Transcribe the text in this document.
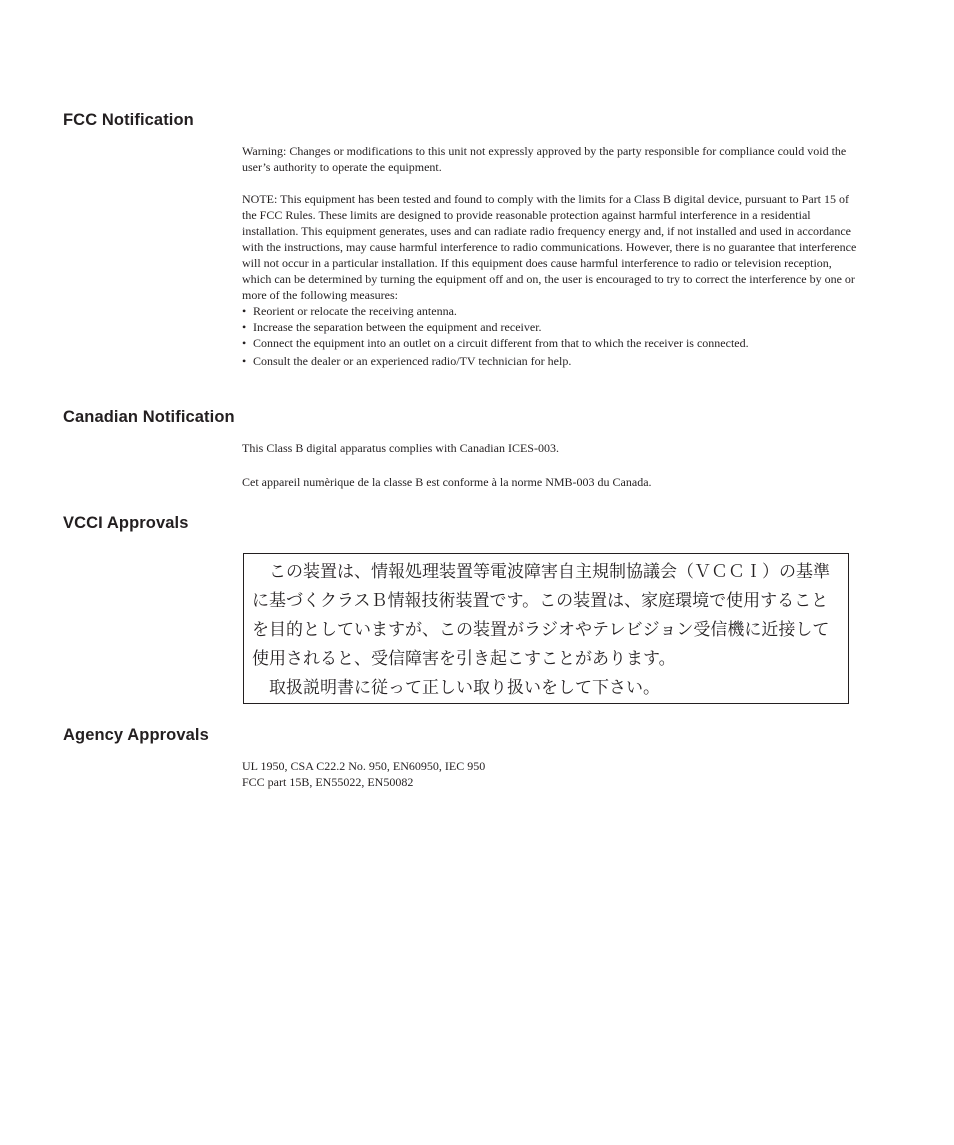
FCC Notification

Warning: Changes or modifications to this unit not expressly approved by the party responsible for compliance could void the user’s authority to operate the equipment.

NOTE: This equipment has been tested and found to comply with the limits for a Class B digital device, pursuant to Part 15 of the FCC Rules. These limits are designed to provide reasonable protection against harmful interference in a residential installation. This equipment generates, uses and can radiate radio frequency energy and, if not installed and used in accordance with the instructions, may cause harmful interference to radio communications. However, there is no guarantee that interference will not occur in a particular installation. If this equipment does cause harmful interference to radio or television reception, which can be determined by turning the equipment off and on, the user is encouraged to try to correct the interference by one or more of the following measures:

• Reorient or relocate the receiving antenna.
• Increase the separation between the equipment and receiver.
• Connect the equipment into an outlet on a circuit different from that to which the receiver is connected.
• Consult the dealer or an experienced radio/TV technician for help.
Canadian Notification

This Class B digital apparatus complies with Canadian ICES-003.

Cet appareil numèrique de la classe B est conforme à la norme NMB-003 du Canada.

VCCI Approvals
この装置は、情報処理装置等電波障害自主規制協議会（ＶＣＣＩ）の基準
に基づくクラスＢ情報技術装置です。この装置は、家庭環境で使用すること
を目的としていますが、この装置がラジオやテレビジョン受信機に近接して
使用されると、受信障害を引き起こすことがあります。
取扱説明書に従って正しい取り扱いをして下さい。
Agency Approvals

UL 1950, CSA C22.2 No. 950, EN60950, IEC 950

FCC part 15B, EN55022, EN50082
